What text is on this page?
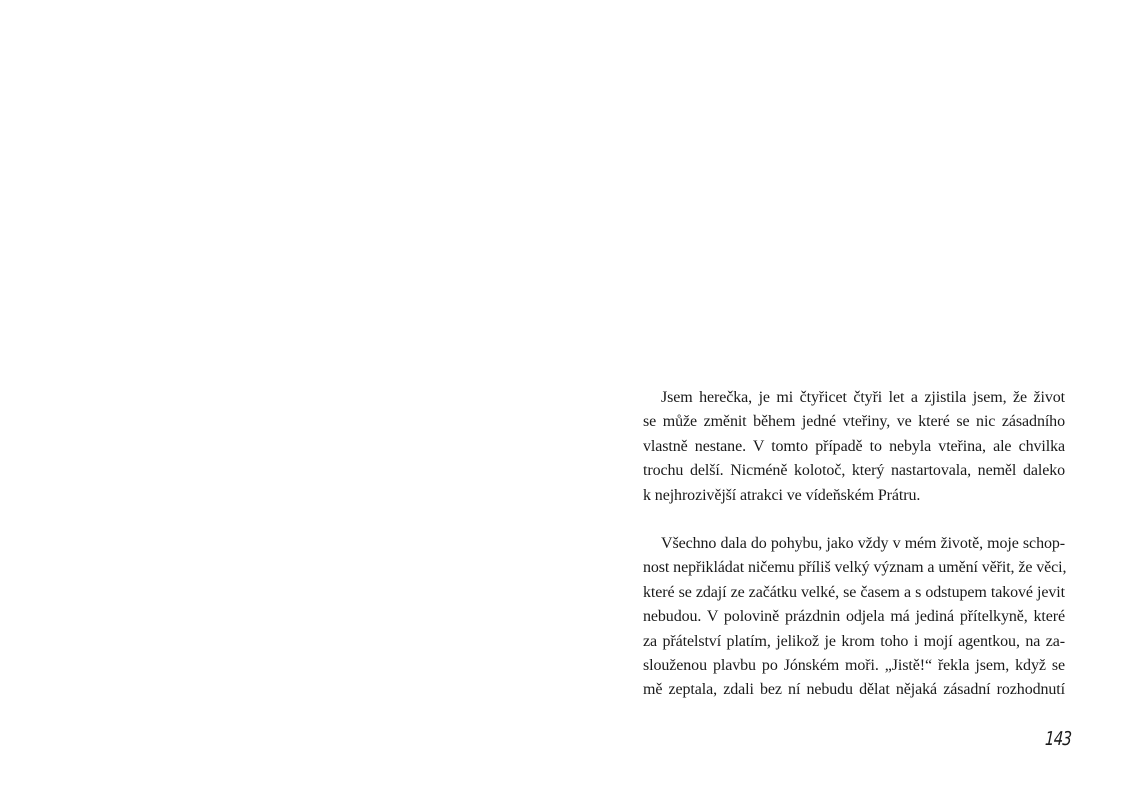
Jsem herečka, je mi čtyřicet čtyři let a zjistila jsem, že život
se může změnit během jedné vteřiny, ve které se nic zásadního
vlastně nestane. V tomto případě to nebyla vteřina, ale chvilka
trochu delší. Nicméně kolotoč, který nastartovala, neměl daleko
k nejhrozivější atrakci ve vídeňském Prátru.
Všechno dala do pohybu, jako vždy v mém životě, moje schop-
nost nepřikládat ničemu příliš velký význam a umění věřit, že věci,
které se zdají ze začátku velké, se časem a s odstupem takové jevit
nebudou. V polovině prázdnin odjela má jediná přítelkyně, které
za přátelství platím, jelikož je krom toho i mojí agentkou, na za-
slouženou plavbu po Jónském moři. „Jistě!“ řekla jsem, když se
mě zeptala, zdali bez ní nebudu dělat nějaká zásadní rozhodnutí
143
